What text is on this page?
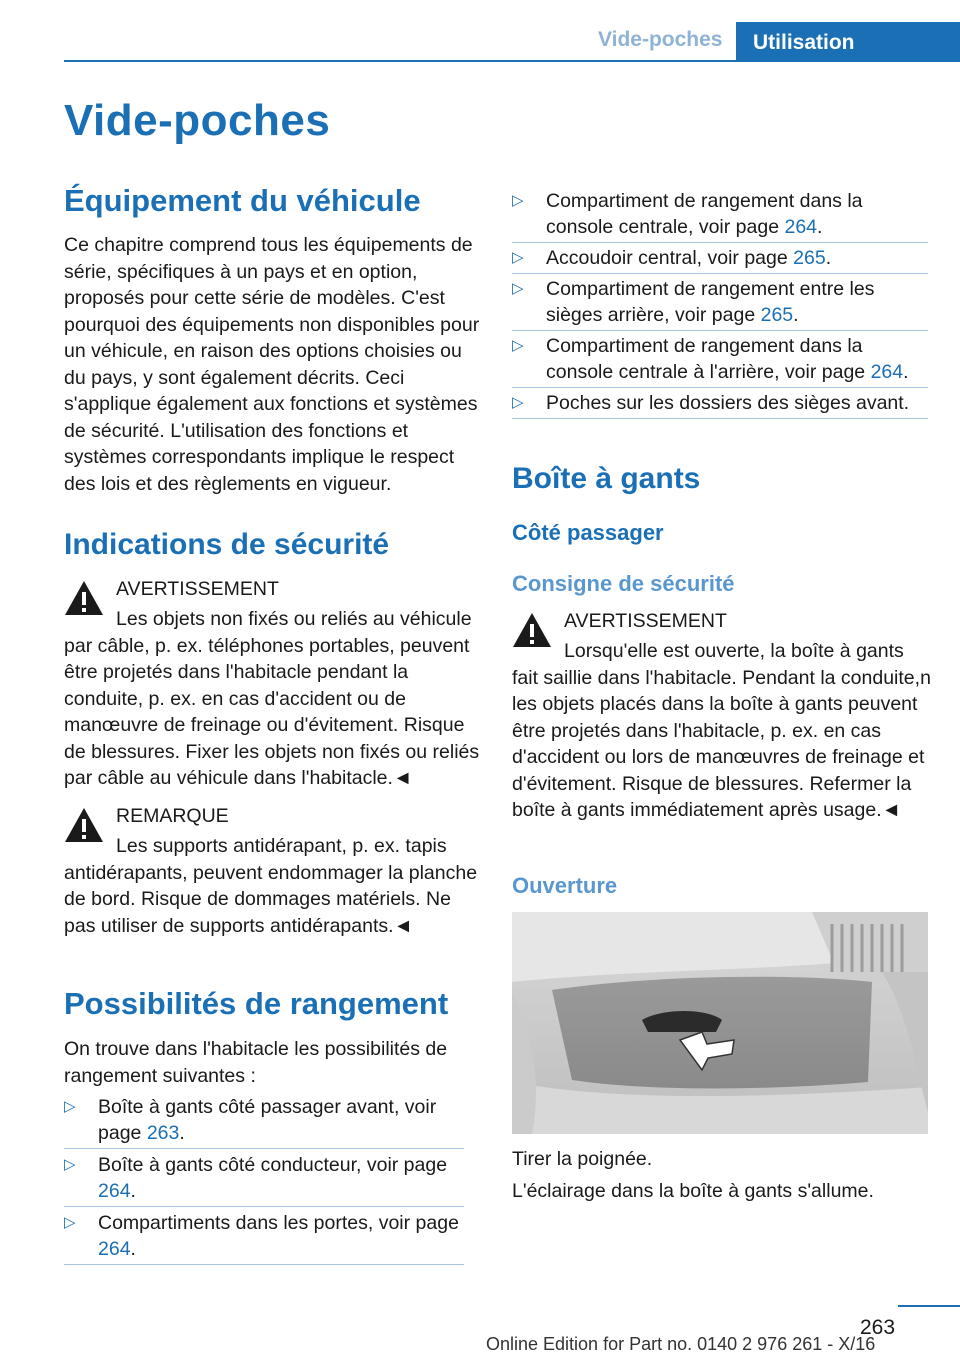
Vide-poches	Utilisation
Vide-poches
Équipement du véhicule

Ce chapitre comprend tous les équipements de série, spécifiques à un pays et en option, proposés pour cette série de modèles. C'est pourquoi des équipements non disponibles pour un véhicule, en raison des options choisies ou du pays, y sont également décrits. Ceci s'applique également aux fonctions et systèmes de sécurité. L'utilisation des fonctions et systèmes correspondants implique le respect des lois et des règlements en vigueur.

Indications de sécurité
AVERTISSEMENT

Les objets non fixés ou reliés au véhicule par câble, p. ex. téléphones portables, peuvent être projetés dans l'habitacle pendant la conduite, p. ex. en cas d'accident ou de manœuvre de freinage ou d'évitement. Risque de blessures. Fixer les objets non fixés ou reliés par câble au véhicule dans l'habitacle.◄

REMARQUE

Les supports antidérapant, p. ex. tapis antidérapants, peuvent endommager la planche de bord. Risque de dommages matériels. Ne pas utiliser de supports antidérapants.◄

Possibilités de rangement

On trouve dans l'habitacle les possibilités de rangement suivantes :

▷ Boîte à gants côté passager avant, voir page 263.
▷ Boîte à gants côté conducteur, voir page 264.
▷ Compartiments dans les portes, voir page 264.
▷ Compartiment de rangement dans la console centrale, voir page 264.
▷ Accoudoir central, voir page 265.
▷ Compartiment de rangement entre les sièges arrière, voir page 265.
▷ Compartiment de rangement dans la console centrale à l'arrière, voir page 264.
▷ Poches sur les dossiers des sièges avant.
Boîte à gants
Côté passager
Consigne de sécurité
AVERTISSEMENT

Lorsqu'elle est ouverte, la boîte à gants fait saillie dans l'habitacle. Pendant la conduite,n les objets placés dans la boîte à gants peuvent être projetés dans l'habitacle, p. ex. en cas d'accident ou lors de manœuvres de freinage et d'évitement. Risque de blessures. Refermer la boîte à gants immédiatement après usage.◄

Ouverture

Tirer la poignée.

L'éclairage dans la boîte à gants s'allume.

263
Online Edition for Part no. 0140 2 976 261 - X/16
